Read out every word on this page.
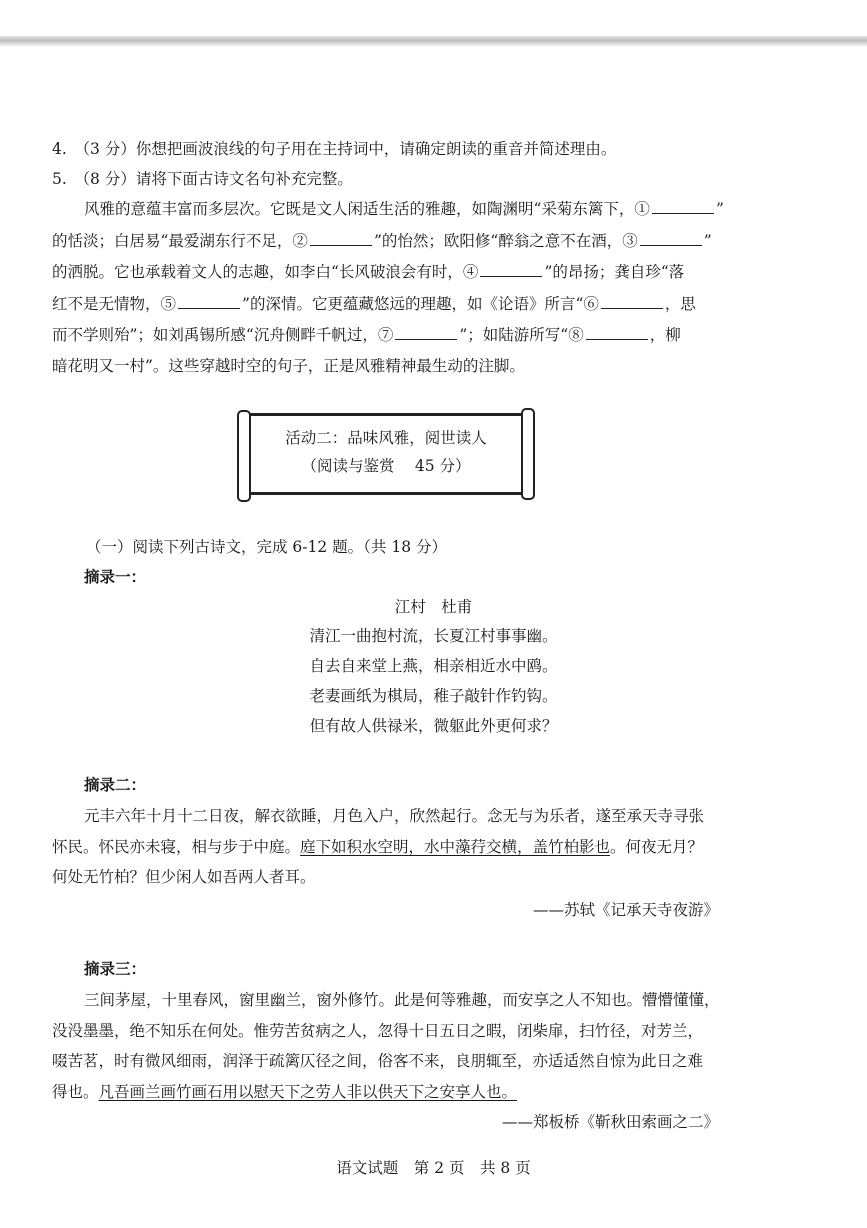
4.　（3 分）你想把画波浪线的句子用在主持词中，请确定朗读的重音并简述理由。
5.　（8 分）请将下面古诗文名句补充完整。
风雅的意蕴丰富而多层次。它既是文人闲适生活的雅趣，如陶渊明“采菊东篱下，①	”
的恬淡；白居易“最爱湖东行不足，②	”的怡然；欧阳修“醉翁之意不在酒，③	”
的洒脱。它也承载着文人的志趣，如李白“长风破浪会有时，④	”的昂扬；龚自珍“落
红不是无情物，⑤	”的深情。它更蕴藏悠远的理趣，如《论语》所言“⑥	，思
而不学则殆”；如刘禹锡所感“沉舟侧畔千帆过，⑦	”；如陆游所写“⑧	，柳
暗花明又一村”。这些穿越时空的句子，正是风雅精神最生动的注脚。
活动二：品味风雅，阅世读人
（阅读与鉴赏　 45 分）
（一）阅读下列古诗文，完成 6-12 题。（共 18 分）
摘录一：
江村　杜甫
清江一曲抱村流，长夏江村事事幽。
自去自来堂上燕，相亲相近水中鸥。
老妻画纸为棋局，稚子敲针作钓钩。
但有故人供禄米，微躯此外更何求？
摘录二：
元丰六年十月十二日夜，解衣欲睡，月色入户，欣然起行。念无与为乐者，遂至承天寺寻张
怀民。怀民亦未寝，相与步于中庭。庭下如积水空明，水中藻荇交横，盖竹柏影也。何夜无月？
何处无竹柏？但少闲人如吾两人者耳。
——苏轼《记承天寺夜游》
摘录三：
三间茅屋，十里春风，窗里幽兰，窗外修竹。此是何等雅趣，而安享之人不知也。懵懵懂懂，
没没墨墨，绝不知乐在何处。惟劳苦贫病之人，忽得十日五日之暇，闭柴扉，扫竹径，对芳兰，
啜苦茗，时有微风细雨，润泽于疏篱仄径之间，俗客不来，良朋辄至，亦适适然自惊为此日之难
得也。凡吾画兰画竹画石用以慰天下之劳人非以供天下之安享人也。
——郑板桥《靳秋田索画之二》
语文试题　第 2 页　共 8 页
